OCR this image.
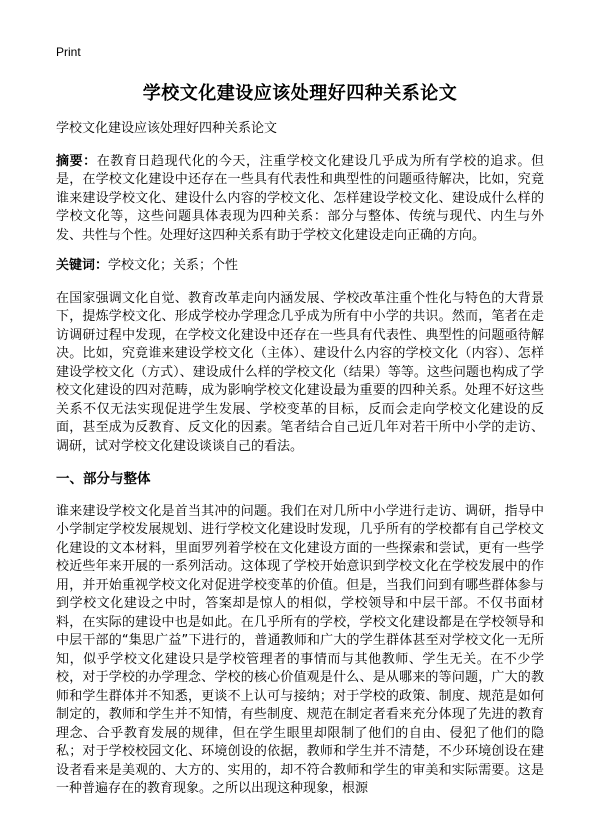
Print
学校文化建设应该处理好四种关系论文

学校文化建设应该处理好四种关系论文

摘要：在教育日趋现代化的今天，注重学校文化建设几乎成为所有学校的追求。但是，在学校文化建设中还存在一些具有代表性和典型性的问题亟待解决，比如，究竟谁来建设学校文化、建设什么内容的学校文化、怎样建设学校文化、建设成什么样的学校文化等，这些问题具体表现为四种关系：部分与整体、传统与现代、内生与外发、共性与个性。处理好这四种关系有助于学校文化建设走向正确的方向。

关键词：学校文化；关系；个性

在国家强调文化自觉、教育改革走向内涵发展、学校改革注重个性化与特色的大背景下，提炼学校文化、形成学校办学理念几乎成为所有中小学的共识。然而，笔者在走访调研过程中发现，在学校文化建设中还存在一些具有代表性、典型性的问题亟待解决。比如，究竟谁来建设学校文化（主体）、建设什么内容的学校文化（内容）、怎样建设学校文化（方式）、建设成什么样的学校文化（结果）等等。这些问题也构成了学校文化建设的四对范畴，成为影响学校文化建设最为重要的四种关系。处理不好这些关系不仅无法实现促进学生发展、学校变革的目标，反而会走向学校文化建设的反面，甚至成为反教育、反文化的因素。笔者结合自己近几年对若干所中小学的走访、调研，试对学校文化建设谈谈自己的看法。

一、部分与整体

谁来建设学校文化是首当其冲的问题。我们在对几所中小学进行走访、调研，指导中小学制定学校发展规划、进行学校文化建设时发现，几乎所有的学校都有自己学校文化建设的文本材料，里面罗列着学校在文化建设方面的一些探索和尝试，更有一些学校近些年来开展的一系列活动。这体现了学校开始意识到学校文化在学校发展中的作用，并开始重视学校文化对促进学校变革的价值。但是，当我们问到有哪些群体参与到学校文化建设之中时，答案却是惊人的相似，学校领导和中层干部。不仅书面材料，在实际的建设中也是如此。在几乎所有的学校，学校文化建设都是在学校领导和中层干部的“集思广益”下进行的，普通教师和广大的学生群体甚至对学校文化一无所知，似乎学校文化建设只是学校管理者的事情而与其他教师、学生无关。在不少学校，对于学校的办学理念、学校的核心价值观是什么、是从哪来的等问题，广大的教师和学生群体并不知悉，更谈不上认可与接纳；对于学校的政策、制度、规范是如何制定的，教师和学生并不知情，有些制度、规范在制定者看来充分体现了先进的教育理念、合乎教育发展的规律，但在学生眼里却限制了他们的自由、侵犯了他们的隐私；对于学校校园文化、环境创设的依据，教师和学生并不清楚，不少环境创设在建设者看来是美观的、大方的、实用的，却不符合教师和学生的审美和实际需要。这是一种普遍存在的教育现象。之所以出现这种现象，根源
